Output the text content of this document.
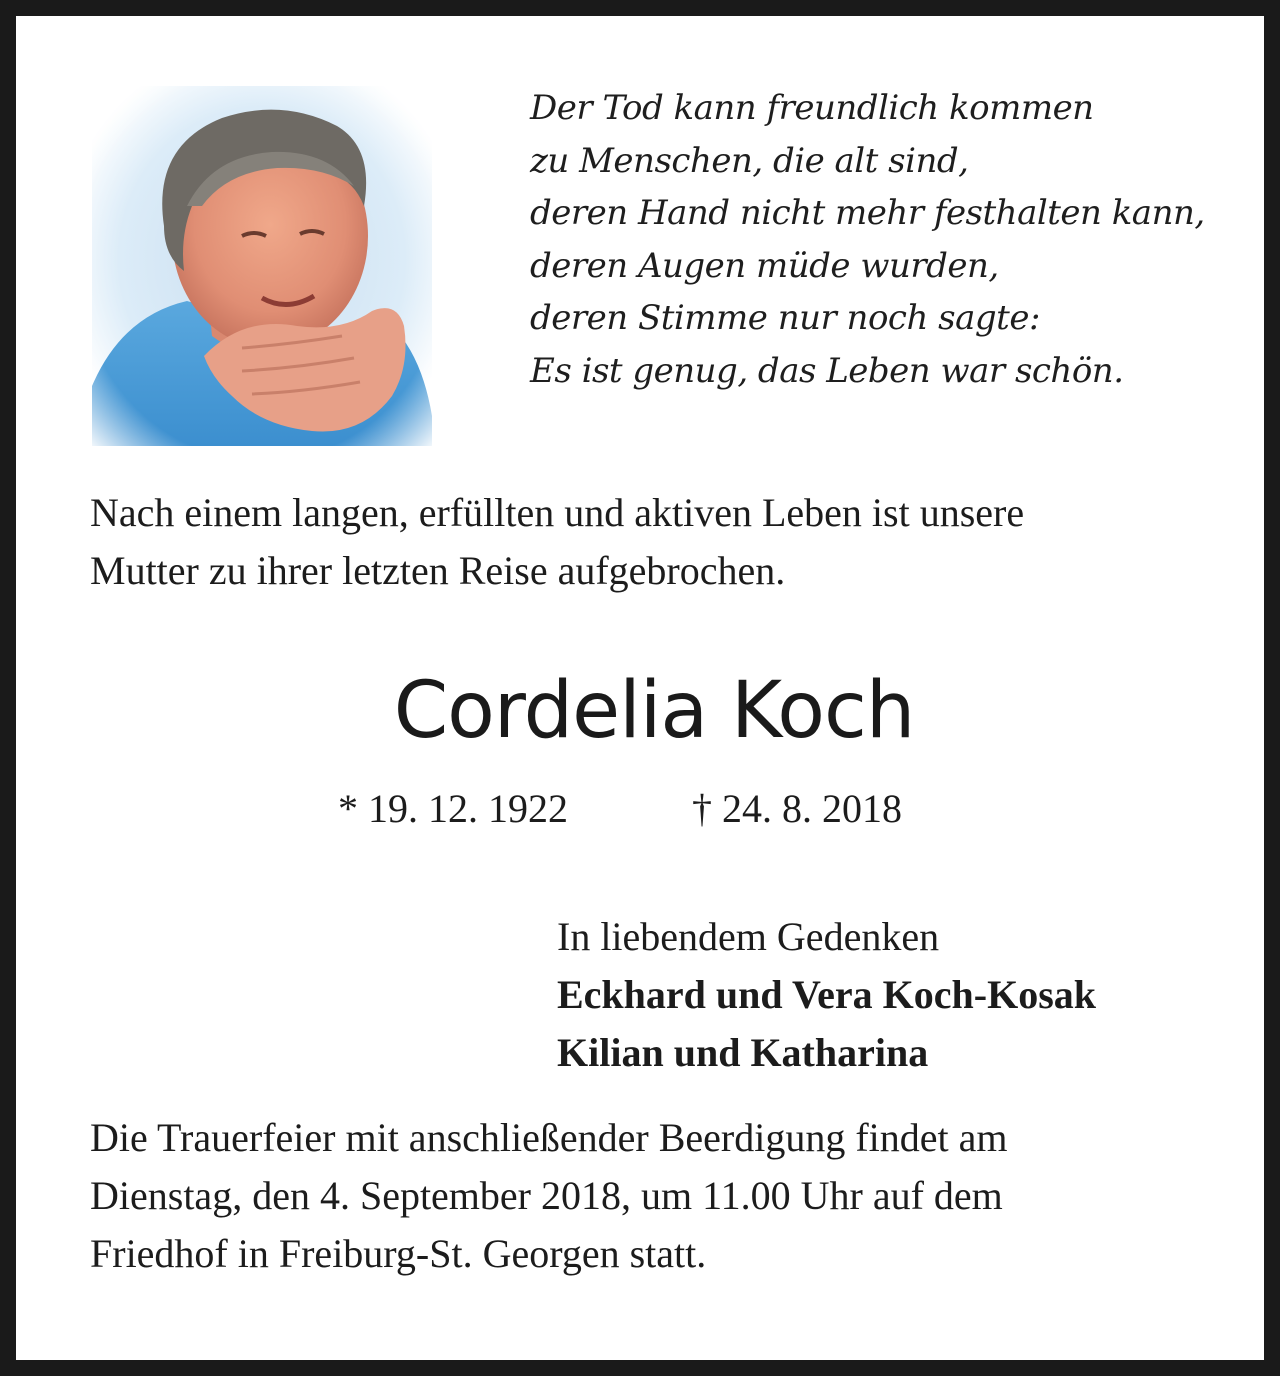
Der Tod kann freundlich kommen
zu Menschen, die alt sind,
deren Hand nicht mehr festhalten kann,
deren Augen müde wurden,
deren Stimme nur noch sagte:
Es ist genug, das Leben war schön.
Nach einem langen, erfüllten und aktiven Leben ist unsere
Mutter zu ihrer letzten Reise aufgebrochen.
Cordelia Koch
* 19. 12. 1922	† 24. 8. 2018
In liebendem Gedenken
Eckhard und Vera Koch-Kosak
Kilian und Katharina
Die Trauerfeier mit anschließender Beerdigung findet am
Dienstag, den 4. September 2018, um 11.00 Uhr auf dem
Friedhof in Freiburg-St. Georgen statt.
